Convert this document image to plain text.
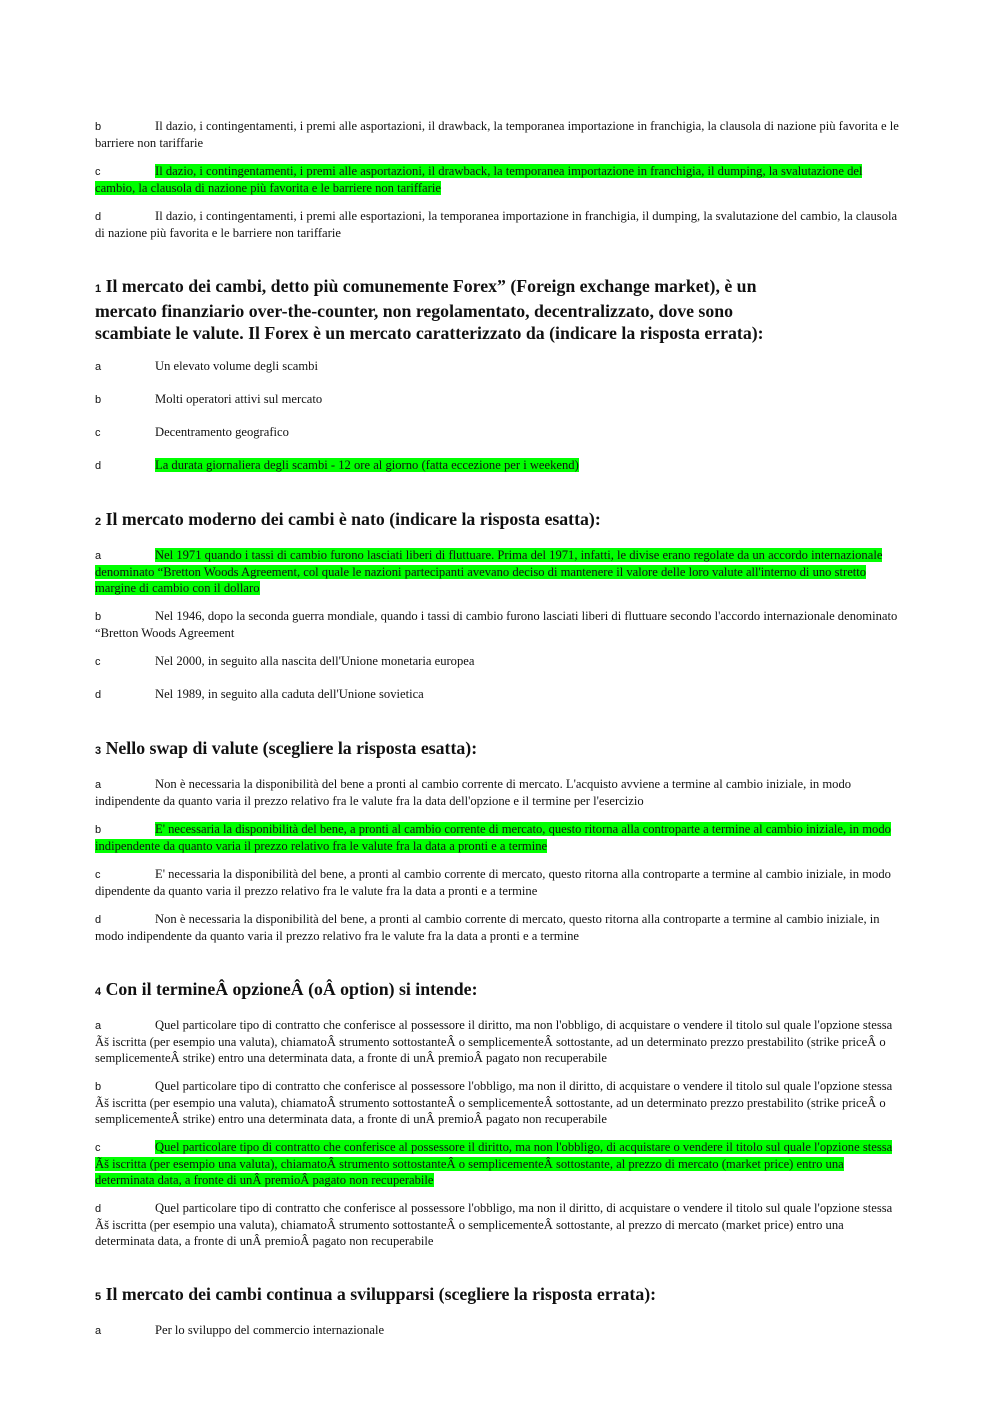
b	Il dazio, i contingentamenti, i premi alle asportazioni, il drawback, la temporanea importazione in franchigia, la clausola di nazione più favorita e le barriere non tariffarie
c	Il dazio, i contingentamenti, i premi alle asportazioni, il drawback, la temporanea importazione in franchigia, il dumping, la svalutazione del cambio, la clausola di nazione più favorita e le barriere non tariffarie
d	Il dazio, i contingentamenti, i premi alle esportazioni, la temporanea importazione in franchigia, il dumping, la svalutazione del cambio, la clausola di nazione più favorita e le barriere non tariffarie
1 Il mercato dei cambi, detto più comunemente Forex” (Foreign exchange market), è un mercato finanziario over-the-counter, non regolamentato, decentralizzato, dove sono scambiate le valute. Il Forex è un mercato caratterizzato da (indicare la risposta errata):
a	Un elevato volume degli scambi
b	Molti operatori attivi sul mercato
c	Decentramento geografico
d	La durata giornaliera degli scambi - 12 ore al giorno (fatta eccezione per i weekend)
2 Il mercato moderno dei cambi è nato (indicare la risposta esatta):
a	Nel 1971 quando i tassi di cambio furono lasciati liberi di fluttuare. Prima del 1971, infatti, le divise erano regolate da un accordo internazionale denominato “Bretton Woods Agreement, col quale le nazioni partecipanti avevano deciso di mantenere il valore delle loro valute all'interno di uno stretto margine di cambio con il dollaro
b	Nel 1946, dopo la seconda guerra mondiale, quando i tassi di cambio furono lasciati liberi di fluttuare secondo l'accordo internazionale denominato “Bretton Woods Agreement
c	Nel 2000, in seguito alla nascita dell'Unione monetaria europea
d	Nel 1989, in seguito alla caduta dell'Unione sovietica
3 Nello swap di valute (scegliere la risposta esatta):
a	Non è necessaria la disponibilità del bene a pronti al cambio corrente di mercato. L'acquisto avviene a termine al cambio iniziale, in modo indipendente da quanto varia il prezzo relativo fra le valute fra la data dell'opzione e il termine per l'esercizio
b	E' necessaria la disponibilità del bene, a pronti al cambio corrente di mercato, questo ritorna alla controparte a termine al cambio iniziale, in modo indipendente da quanto varia il prezzo relativo fra le valute fra la data a pronti e a termine
c	E' necessaria la disponibilità del bene, a pronti al cambio corrente di mercato, questo ritorna alla controparte a termine al cambio iniziale, in modo dipendente da quanto varia il prezzo relativo fra le valute fra la data a pronti e a termine
d	Non è necessaria la disponibilità del bene, a pronti al cambio corrente di mercato, questo ritorna alla controparte a termine al cambio iniziale, in modo indipendente da quanto varia il prezzo relativo fra le valute fra la data a pronti e a termine
4 Con il termineÂ opzioneÂ (oÂ option) si intende:
a	Quel particolare tipo di contratto che conferisce al possessore il diritto, ma non l'obbligo, di acquistare o vendere il titolo sul quale l'opzione stessa Ãš iscritta (per esempio una valuta), chiamatoÂ strumento sottostanteÂ o semplicementeÂ sottostante, ad un determinato prezzo prestabilito (strike priceÂ o semplicementeÂ strike) entro una determinata data, a fronte di unÂ premioÂ pagato non recuperabile
b	Quel particolare tipo di contratto che conferisce al possessore l'obbligo, ma non il diritto, di acquistare o vendere il titolo sul quale l'opzione stessa Ãš iscritta (per esempio una valuta), chiamatoÂ strumento sottostanteÂ o semplicementeÂ sottostante, ad un determinato prezzo prestabilito (strike priceÂ o semplicementeÂ strike) entro una determinata data, a fronte di unÂ premioÂ pagato non recuperabile
c	Quel particolare tipo di contratto che conferisce al possessore il diritto, ma non l'obbligo, di acquistare o vendere il titolo sul quale l'opzione stessa Ãš iscritta (per esempio una valuta), chiamatoÂ strumento sottostanteÂ o semplicementeÂ sottostante, al prezzo di mercato (market price) entro una determinata data, a fronte di unÂ premioÂ pagato non recuperabile
d	Quel particolare tipo di contratto che conferisce al possessore l'obbligo, ma non il diritto, di acquistare o vendere il titolo sul quale l'opzione stessa Ãš iscritta (per esempio una valuta), chiamatoÂ strumento sottostanteÂ o semplicementeÂ sottostante, al prezzo di mercato (market price) entro una determinata data, a fronte di unÂ premioÂ pagato non recuperabile
5 Il mercato dei cambi continua a svilupparsi (scegliere la risposta errata):
a	Per lo sviluppo del commercio internazionale
